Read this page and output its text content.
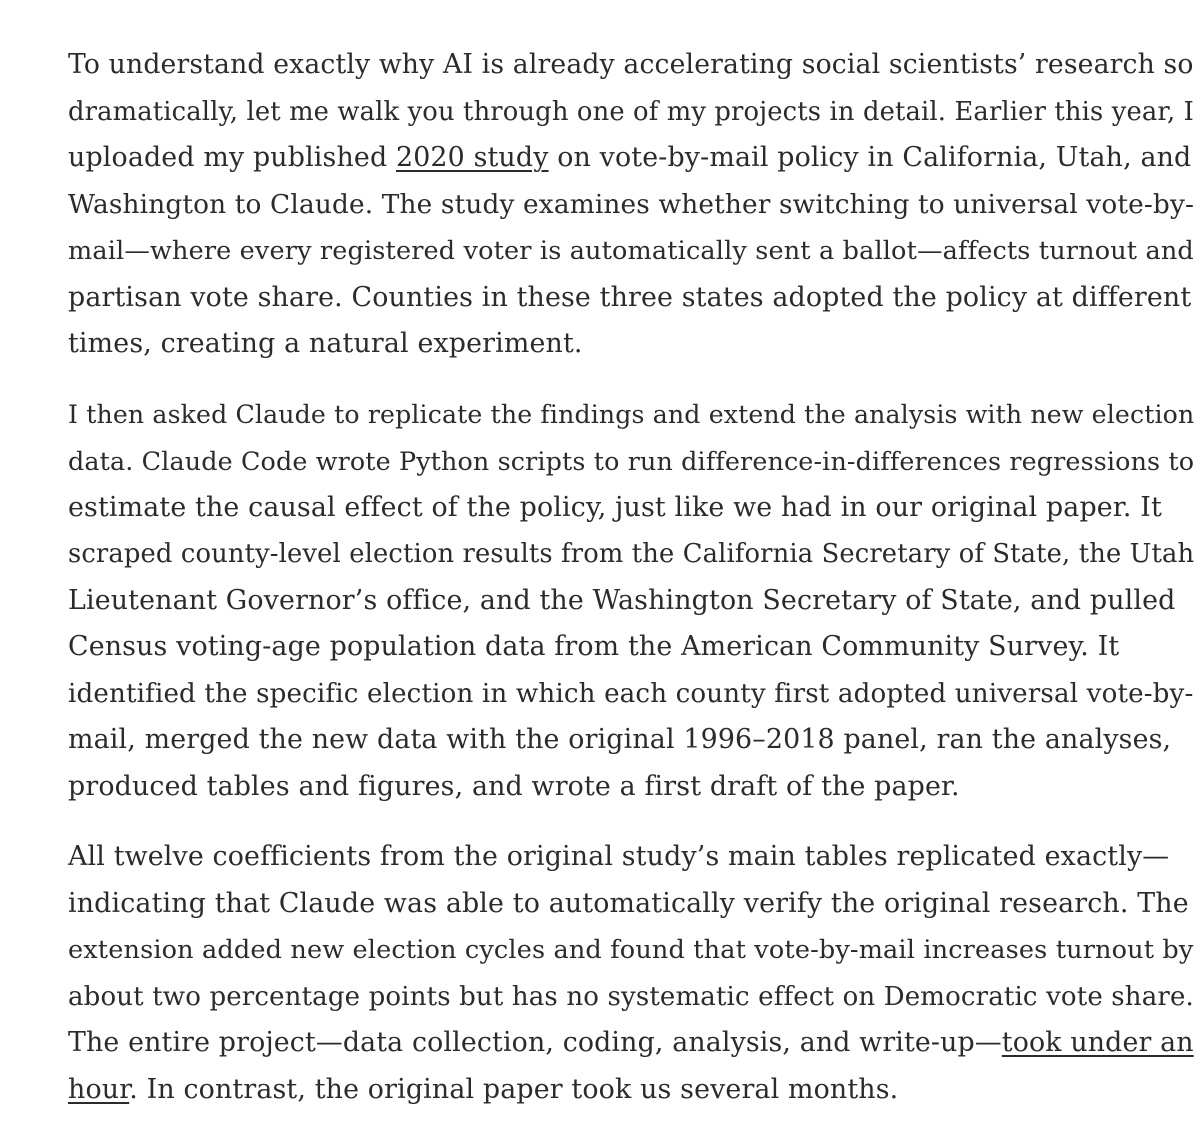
To understand exactly why AI is already accelerating social scientists’ research so
dramatically, let me walk you through one of my projects in detail. Earlier this year, I
uploaded my published 2020 study on vote-by-mail policy in California, Utah, and
Washington to Claude. The study examines whether switching to universal vote-by-
mail—where every registered voter is automatically sent a ballot—affects turnout and
partisan vote share. Counties in these three states adopted the policy at different
times, creating a natural experiment.

I then asked Claude to replicate the findings and extend the analysis with new election
data. Claude Code wrote Python scripts to run difference-in-differences regressions to
estimate the causal effect of the policy, just like we had in our original paper. It
scraped county-level election results from the California Secretary of State, the Utah
Lieutenant Governor’s office, and the Washington Secretary of State, and pulled
Census voting-age population data from the American Community Survey. It
identified the specific election in which each county first adopted universal vote-by-
mail, merged the new data with the original 1996–2018 panel, ran the analyses,
produced tables and figures, and wrote a first draft of the paper.

All twelve coefficients from the original study’s main tables replicated exactly—
indicating that Claude was able to automatically verify the original research. The
extension added new election cycles and found that vote-by-mail increases turnout by
about two percentage points but has no systematic effect on Democratic vote share.
The entire project—data collection, coding, analysis, and write-up—took under an
hour. In contrast, the original paper took us several months.
